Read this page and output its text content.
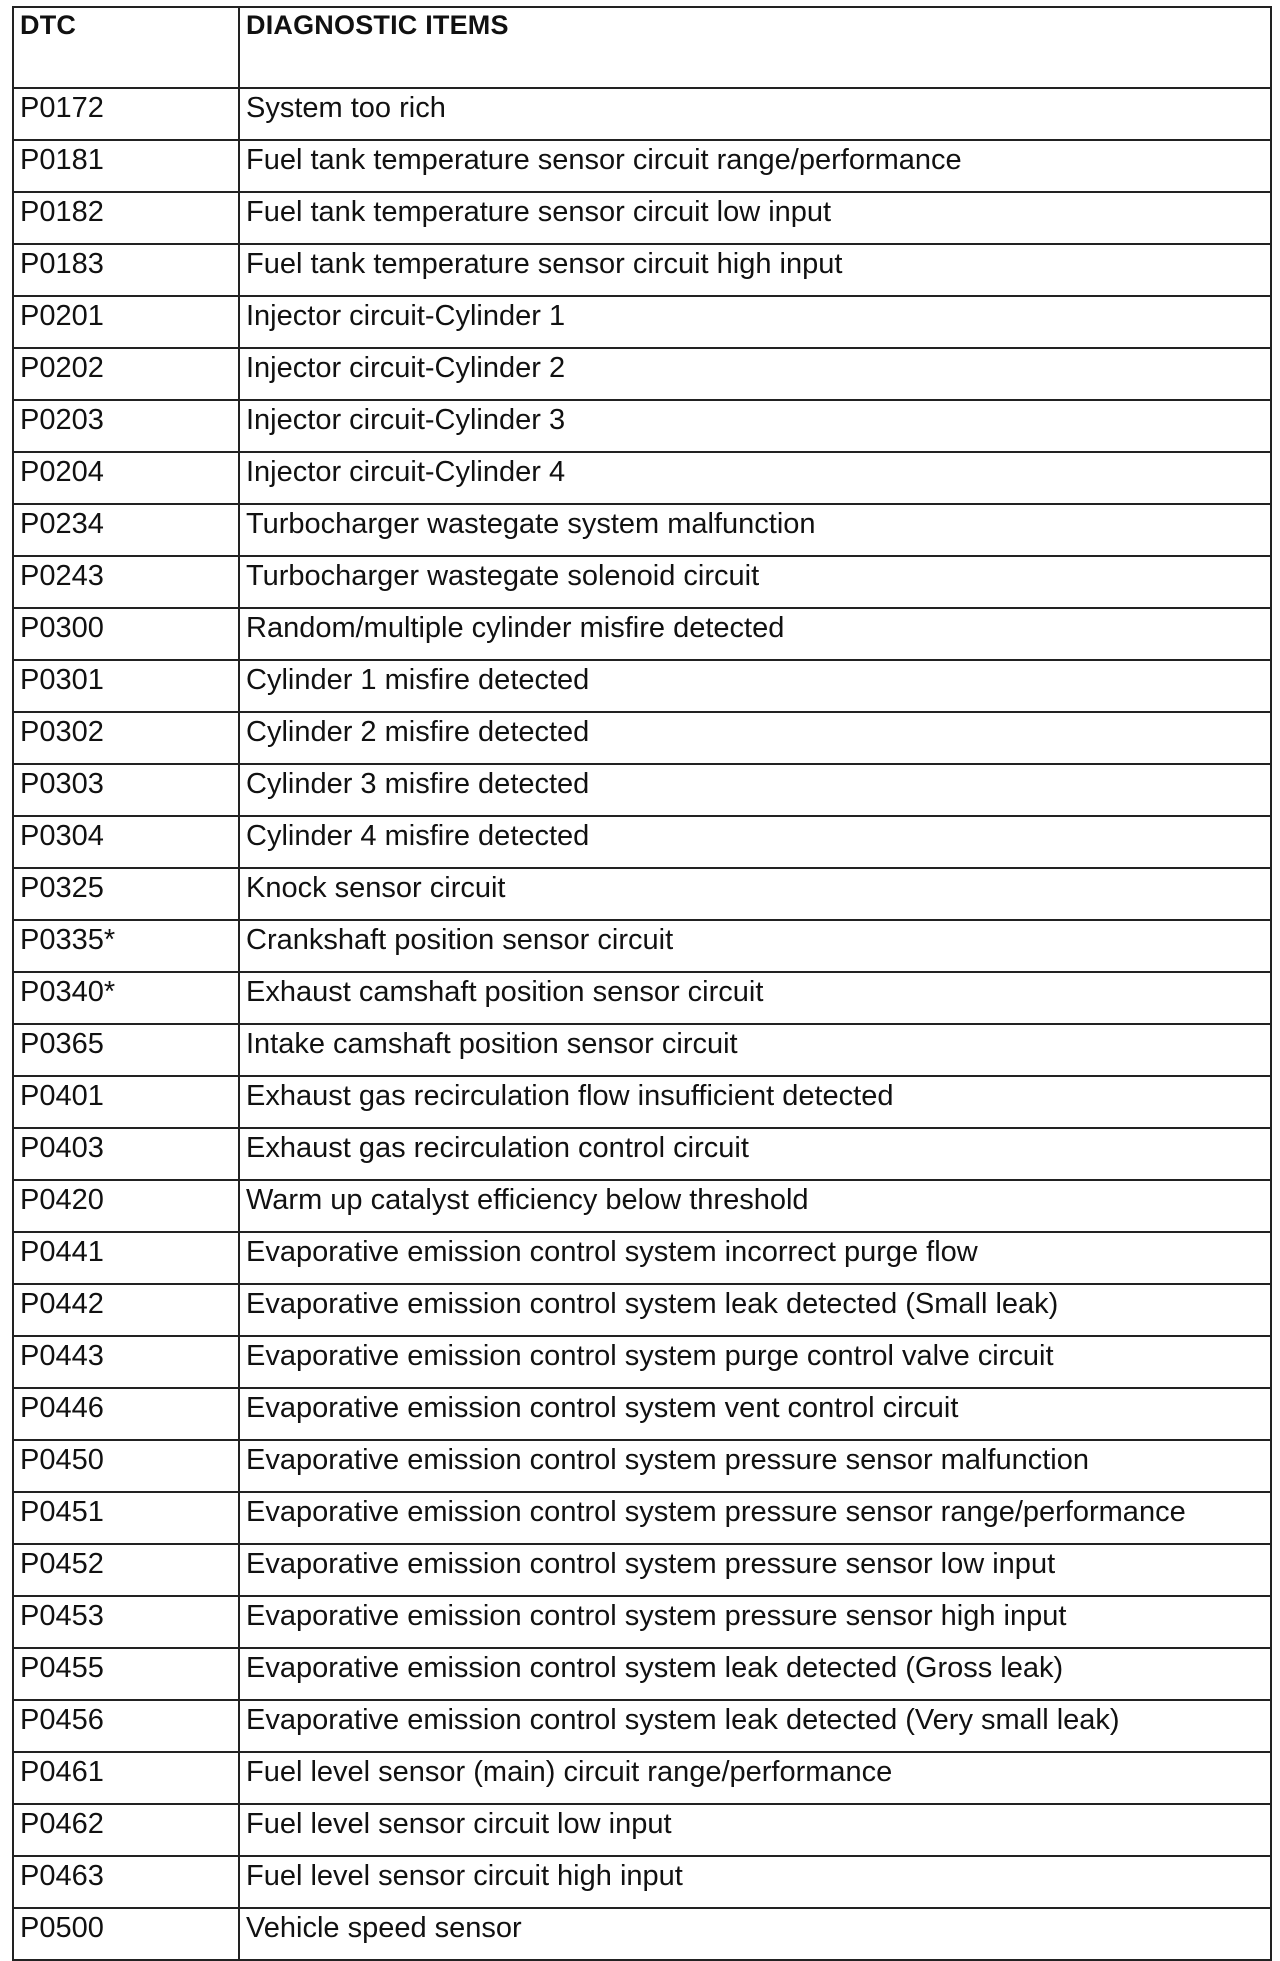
DTC	DIAGNOSTIC ITEMS
P0172	System too rich
P0181	Fuel tank temperature sensor circuit range/performance
P0182	Fuel tank temperature sensor circuit low input
P0183	Fuel tank temperature sensor circuit high input
P0201	Injector circuit-Cylinder 1
P0202	Injector circuit-Cylinder 2
P0203	Injector circuit-Cylinder 3
P0204	Injector circuit-Cylinder 4
P0234	Turbocharger wastegate system malfunction
P0243	Turbocharger wastegate solenoid circuit
P0300	Random/multiple cylinder misfire detected
P0301	Cylinder 1 misfire detected
P0302	Cylinder 2 misfire detected
P0303	Cylinder 3 misfire detected
P0304	Cylinder 4 misfire detected
P0325	Knock sensor circuit
P0335*	Crankshaft position sensor circuit
P0340*	Exhaust camshaft position sensor circuit
P0365	Intake camshaft position sensor circuit
P0401	Exhaust gas recirculation flow insufficient detected
P0403	Exhaust gas recirculation control circuit
P0420	Warm up catalyst efficiency below threshold
P0441	Evaporative emission control system incorrect purge flow
P0442	Evaporative emission control system leak detected (Small leak)
P0443	Evaporative emission control system purge control valve circuit
P0446	Evaporative emission control system vent control circuit
P0450	Evaporative emission control system pressure sensor malfunction
P0451	Evaporative emission control system pressure sensor range/performance
P0452	Evaporative emission control system pressure sensor low input
P0453	Evaporative emission control system pressure sensor high input
P0455	Evaporative emission control system leak detected (Gross leak)
P0456	Evaporative emission control system leak detected (Very small leak)
P0461	Fuel level sensor (main) circuit range/performance
P0462	Fuel level sensor circuit low input
P0463	Fuel level sensor circuit high input
P0500	Vehicle speed sensor
